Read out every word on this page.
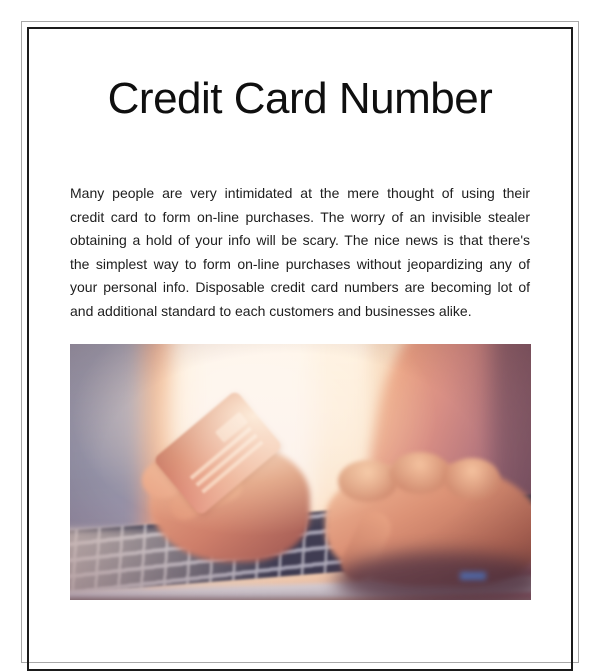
Credit Card Number
Many people are very intimidated at the mere thought of using their
credit card to form on-line purchases. The worry of an invisible stealer
obtaining a hold of your info will be scary. The nice news is that there's
the simplest way to form on-line purchases without jeopardizing any of
your personal info. Disposable credit card numbers are becoming lot of
and additional standard to each customers and businesses alike.
